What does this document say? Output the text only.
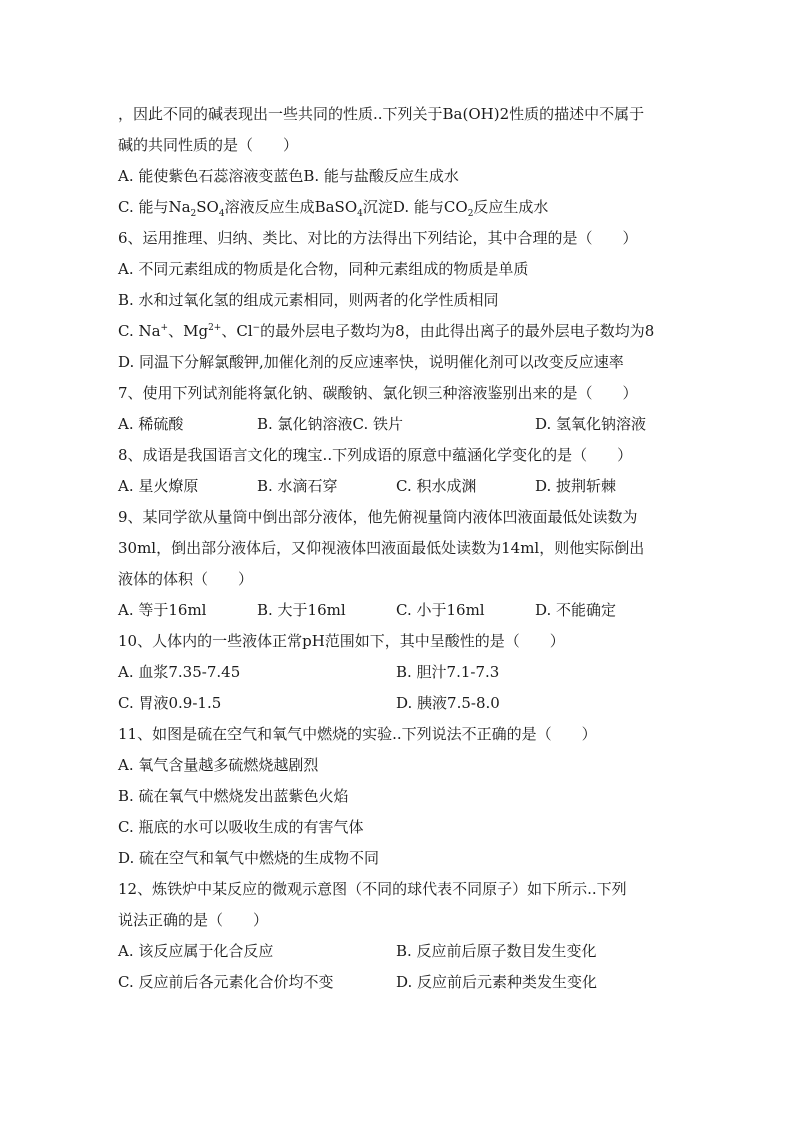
，因此不同的碱表现出一些共同的性质..下列关于Ba(OH)2性质的描述中不属于
碱的共同性质的是（　　）
A. 能使紫色石蕊溶液变蓝色B. 能与盐酸反应生成水
C. 能与$Na_2SO_4$溶液反应生成BaSO$_4$沉淀D. 能与$CO_2$反应生成水
6、运用推理、归纳、类比、对比的方法得出下列结论，其中合理的是（　　）
A. 不同元素组成的物质是化合物，同种元素组成的物质是单质
B. 水和过氧化氢的组成元素相同，则两者的化学性质相同
C. Na+、$Mg^{2+}$、Cl−的最外层电子数均为8，由此得出离子的最外层电子数均为8
D. 同温下分解氯酸钾,加催化剂的反应速率快，说明催化剂可以改变反应速率
7、使用下列试剂能将氯化钠、碳酸钠、氯化钡三种溶液鉴别出来的是（　　）
A. 稀硫酸	B. 氯化钠溶液C. 铁片	D. 氢氧化钠溶液
8、成语是我国语言文化的瑰宝..下列成语的原意中蕴涵化学变化的是（　　）
A. 星火燎原	B. 水滴石穿	C. 积水成渊	D. 披荆斩棘
9、某同学欲从量筒中倒出部分液体，他先俯视量筒内液体凹液面最低处读数为
30ml，倒出部分液体后，又仰视液体凹液面最低处读数为14ml，则他实际倒出
液体的体积（　　）
A. 等于16ml	B. 大于16ml	C. 小于16ml	D. 不能确定
10、人体内的一些液体正常pH范围如下，其中呈酸性的是（　　）
A. 血浆7.35-7.45	B. 胆汁7.1-7.3
C. 胃液0.9-1.5	D. 胰液7.5-8.0
11、如图是硫在空气和氧气中燃烧的实验..下列说法不正确的是（　　）
A. 氧气含量越多硫燃烧越剧烈
B. 硫在氧气中燃烧发出蓝紫色火焰
C. 瓶底的水可以吸收生成的有害气体
D. 硫在空气和氧气中燃烧的生成物不同
12、炼铁炉中某反应的微观示意图（不同的球代表不同原子）如下所示..下列
说法正确的是（　　）
A. 该反应属于化合反应	B. 反应前后原子数目发生变化
C. 反应前后各元素化合价均不变	D. 反应前后元素种类发生变化
